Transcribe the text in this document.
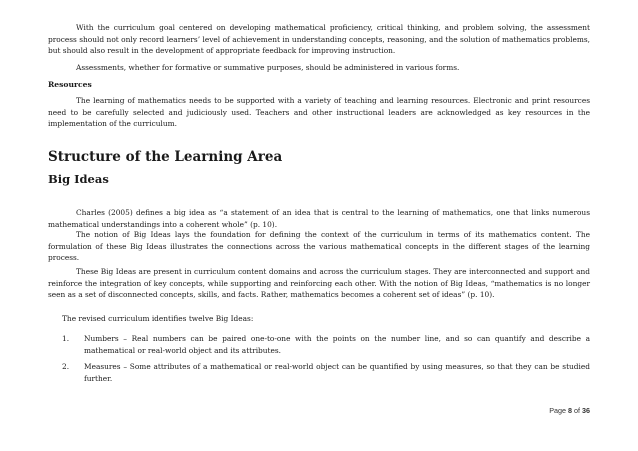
With the curriculum goal centered on developing mathematical proficiency, critical thinking, and problem solving, the assessment process should not only record learners’ level of achievement in understanding concepts, reasoning, and the solution of mathematics problems, but should also result in the development of appropriate feedback for improving instruction.

Assessments, whether for formative or summative purposes, should be administered in various forms.

Resources

The learning of mathematics needs to be supported with a variety of teaching and learning resources. Electronic and print resources need to be carefully selected and judiciously used. Teachers and other instructional leaders are acknowledged as key resources in the implementation of the curriculum.

Structure of the Learning Area
Big Ideas

Charles (2005) defines a big idea as “a statement of an idea that is central to the learning of mathematics, one that links numerous mathematical understandings into a coherent whole” (p. 10).

The notion of Big Ideas lays the foundation for defining the context of the curriculum in terms of its mathematics content. The formulation of these Big Ideas illustrates the connections across the various mathematical concepts in the different stages of the learning process.

These Big Ideas are present in curriculum content domains and across the curriculum stages. They are interconnected and support and reinforce the integration of key concepts, while supporting and reinforcing each other. With the notion of Big Ideas, “mathematics is no longer seen as a set of disconnected concepts, skills, and facts. Rather, mathematics becomes a coherent set of ideas” (p. 10).

The revised curriculum identifies twelve Big Ideas:

1. Numbers – Real numbers can be paired one-to-one with the points on the number line, and so can quantify and describe a mathematical or real-world object and its attributes.
2. Measures – Some attributes of a mathematical or real-world object can be quantified by using measures, so that they can be studied further.
Page 8 of 36
